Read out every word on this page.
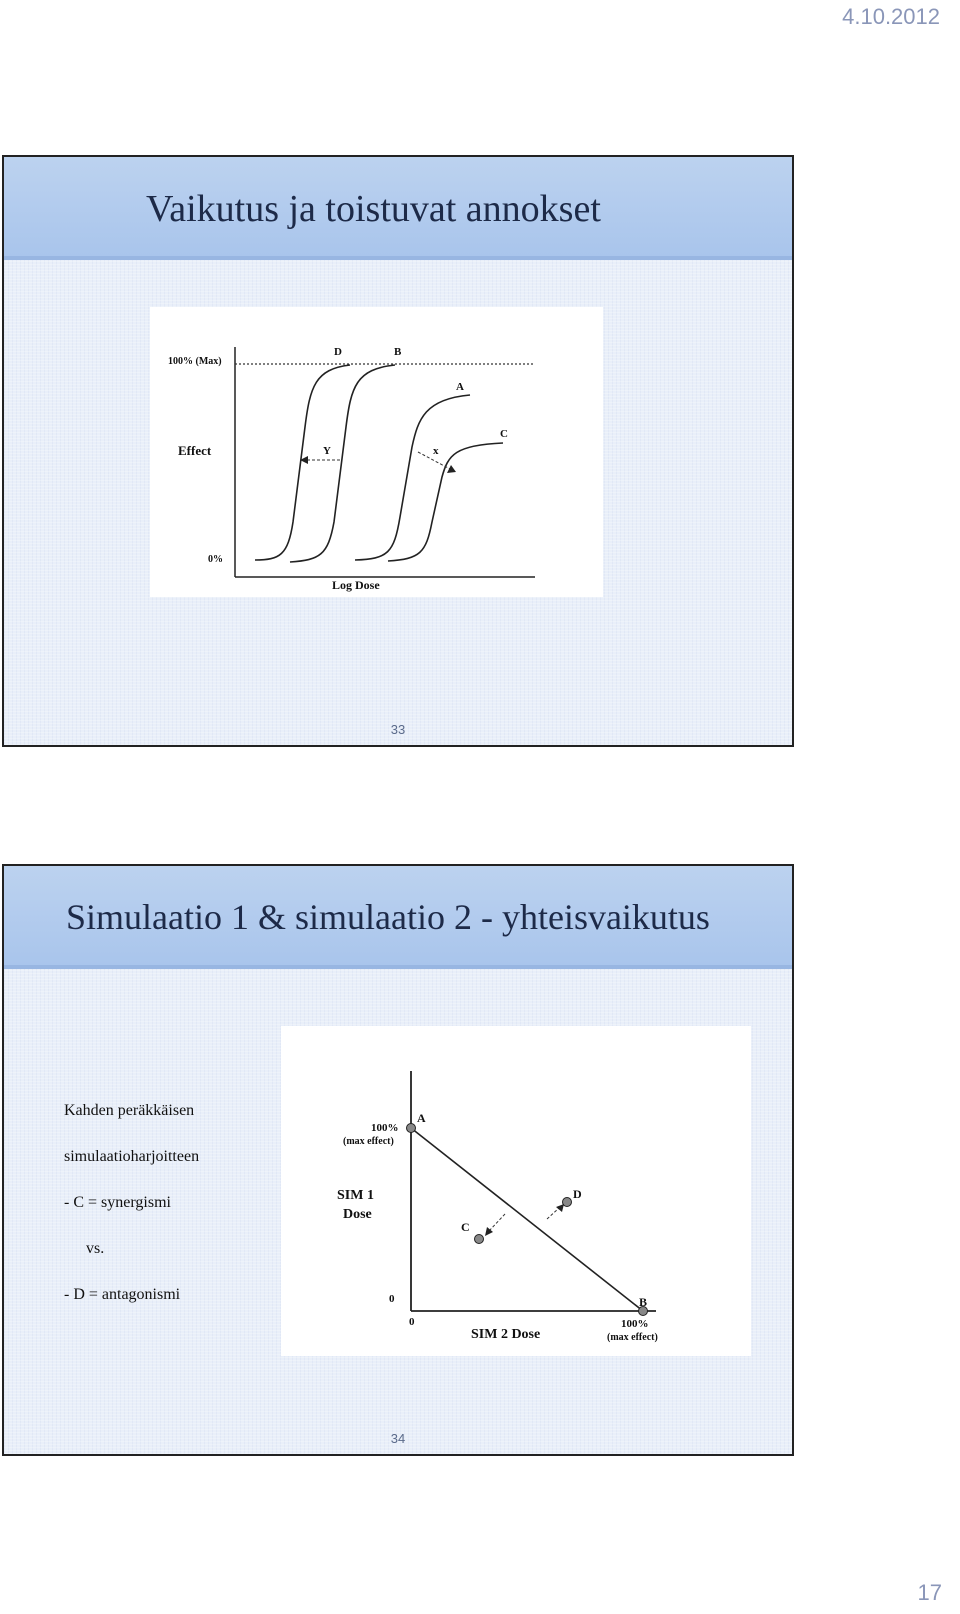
4.10.2012
Vaikutus ja toistuvat annokset
100% (Max)
0%
Effect
Log Dose
D	B
A
C
Y	x
33
Simulaatio 1 & simulaatio 2 - yhteisvaikutus
Kahden peräkkäisen
simulaatioharjoitteen
- C = synergismi
vs.
- D = antagonismi
A
B
C
D
100%
(max effect)
SIM 1
Dose
0
0
SIM 2 Dose
100%
(max effect)
34
17
